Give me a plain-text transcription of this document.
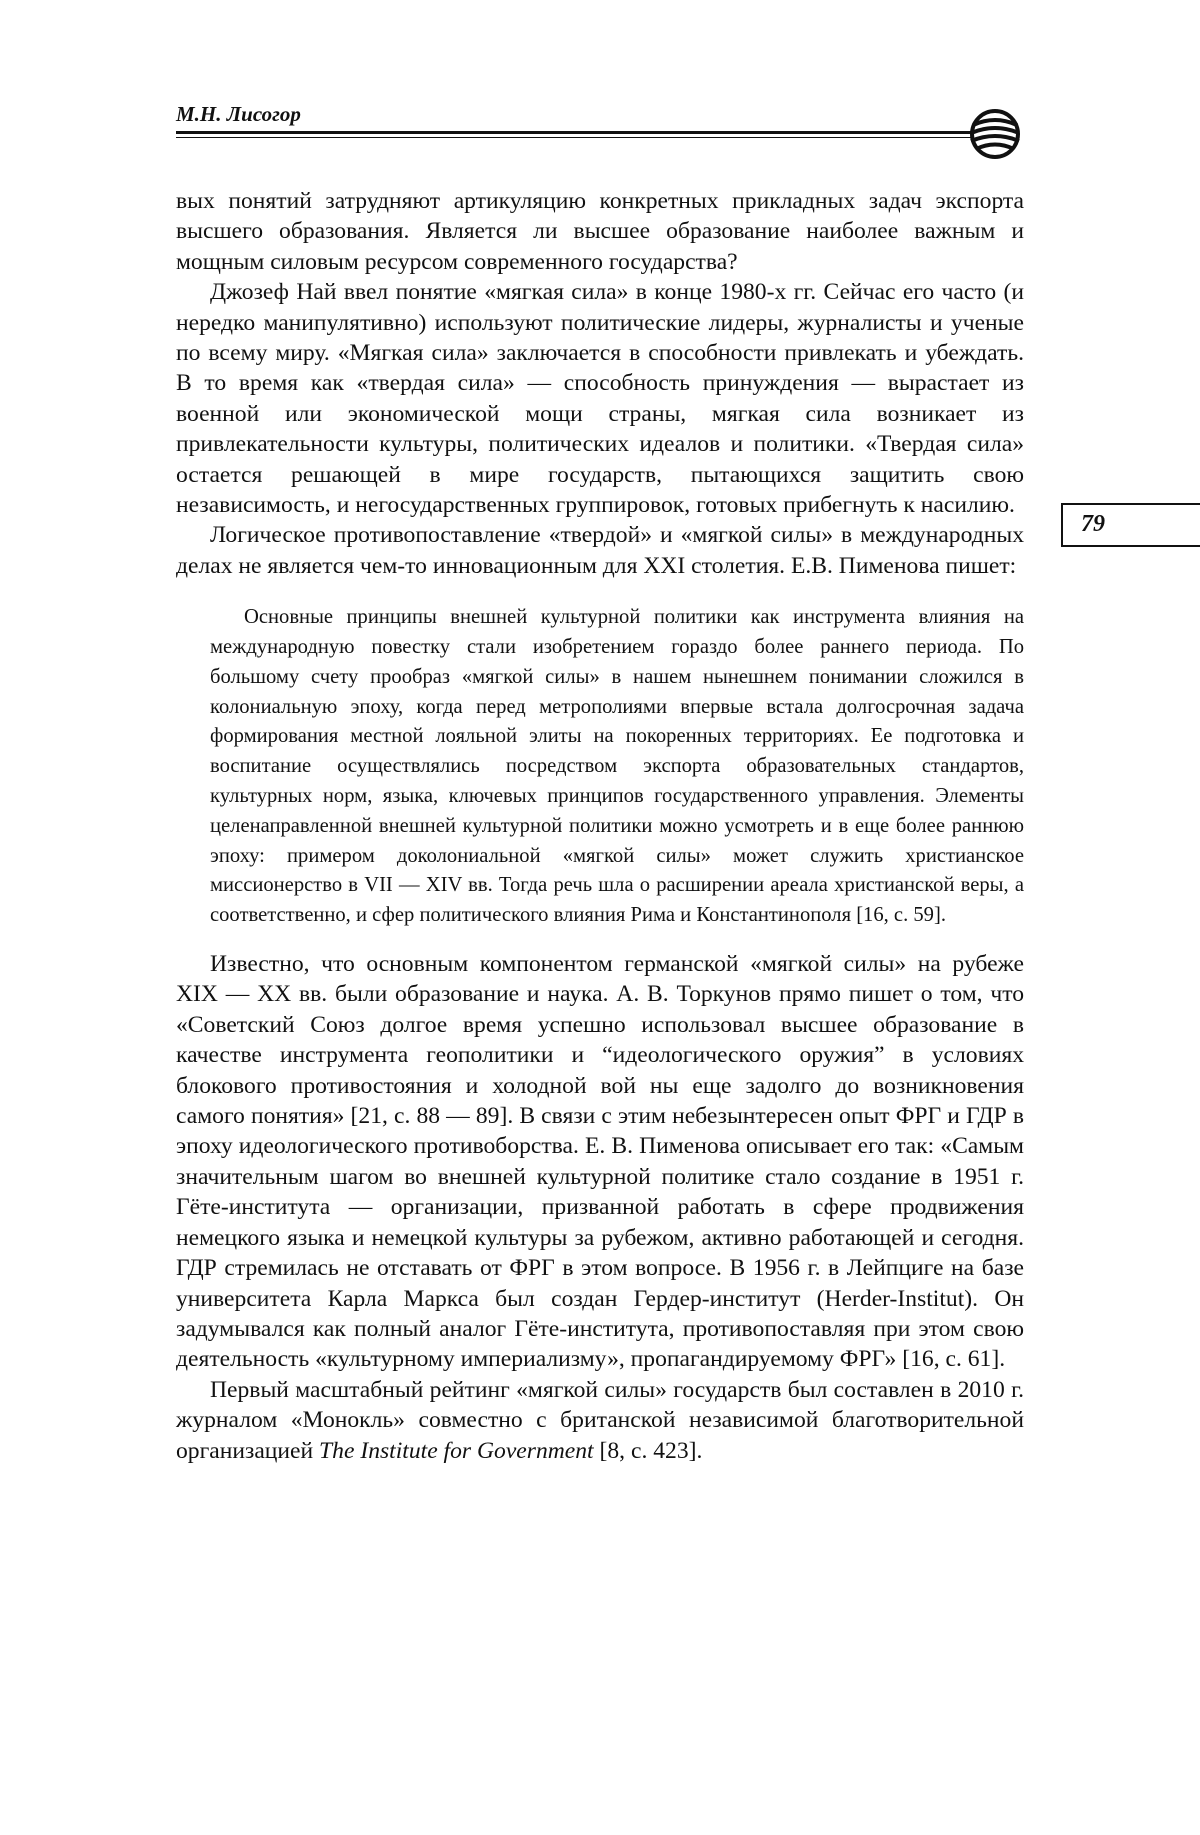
М.Н. Лисогор
79

вых понятий затрудняют артикуляцию конкретных прикладных задач экспорта высшего образования. Является ли высшее образование наиболее важным и мощным силовым ресурсом современного государства?

Джозеф Най ввел понятие «мягкая сила» в конце 1980-х гг. Сейчас его часто (и нередко манипулятивно) используют политические лидеры, журналисты и ученые по всему миру. «Мягкая сила» заключается в способности привлекать и убеждать. В то время как «твердая сила» — способность принуждения — вырастает из военной или экономической мощи страны, мягкая сила возникает из привлекательности культуры, политических идеалов и политики. «Твердая сила» остается решающей в мире государств, пытающихся защитить свою независимость, и негосударственных группировок, готовых прибегнуть к насилию.

Логическое противопоставление «твердой» и «мягкой силы» в международных делах не является чем-то инновационным для XXI столетия. Е.В. Пименова пишет:

Основные принципы внешней культурной политики как инструмента влияния на международную повестку стали изобретением гораздо более раннего периода. По большому счету прообраз «мягкой силы» в нашем нынешнем понимании сложился в колониальную эпоху, когда перед метрополиями впервые встала долгосрочная задача формирования местной лояльной элиты на покоренных территориях. Ее подготовка и воспитание осуществлялись посредством экспорта образовательных стандартов, культурных норм, языка, ключевых принципов государственного управления. Элементы целенаправленной внешней культурной политики можно усмотреть и в еще более раннюю эпоху: примером доколониальной «мягкой силы» может служить христианское миссионерство в VII — XIV вв. Тогда речь шла о расширении ареала христианской веры, а соответственно, и сфер политического влияния Рима и Константинополя [16, с. 59].

Известно, что основным компонентом германской «мягкой силы» на рубеже XIX — XX вв. были образование и наука. А. В. Торкунов прямо пишет о том, что «Советский Союз долгое время успешно использовал высшее образование в качестве инструмента геополитики и “идеологического оружия” в условиях блокового противостояния и холодной вой ны еще задолго до возникновения самого понятия» [21, с. 88 — 89]. В связи с этим небезынтересен опыт ФРГ и ГДР в эпоху идеологического противоборства. Е. В. Пименова описывает его так: «Самым значительным шагом во внешней культурной политике стало создание в 1951 г. Гёте-института — организации, призванной работать в сфере продвижения немецкого языка и немецкой культуры за рубежом, активно работающей и сегодня. ГДР стремилась не отставать от ФРГ в этом вопросе. В 1956 г. в Лейпциге на базе университета Карла Маркса был создан Гердер-институт (Herder-Institut). Он задумывался как полный аналог Гёте-института, противопоставляя при этом свою деятельность «культурному империализму», пропагандируемому ФРГ» [16, с. 61].

Первый масштабный рейтинг «мягкой силы» государств был составлен в 2010 г. журналом «Монокль» совместно с британской независимой благотворительной организацией The Institute for Government [8, с. 423].
